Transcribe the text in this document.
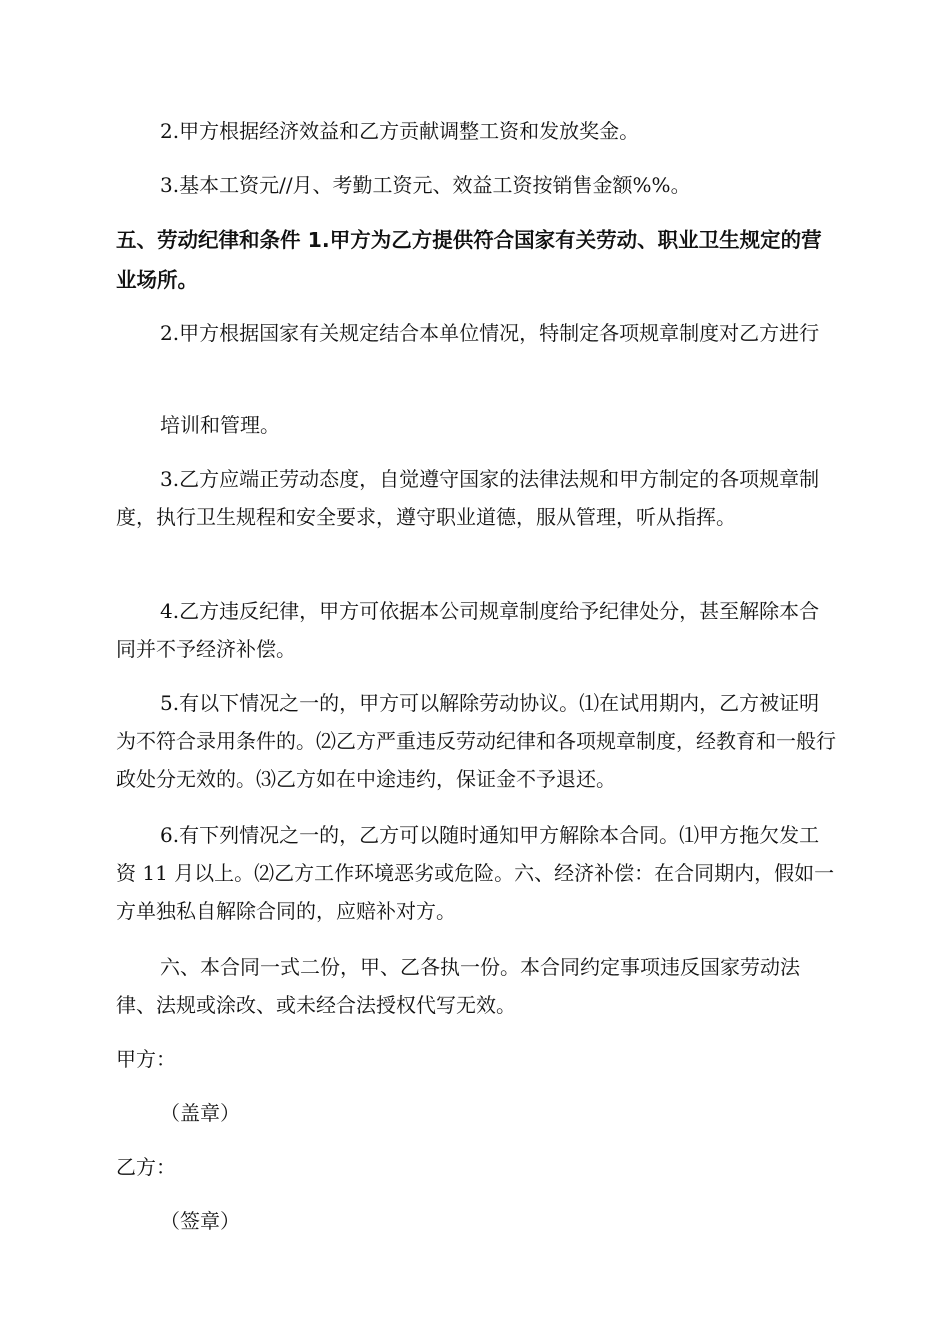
2.甲方根据经济效益和乙方贡献调整工资和发放奖金。

3.基本工资元//月、考勤工资元、效益工资按销售金额%%。

五、劳动纪律和条件 1.甲方为乙方提供符合国家有关劳动、职业卫生规定的营业场所。

2.甲方根据国家有关规定结合本单位情况，特制定各项规章制度对乙方进行

培训和管理。

3.乙方应端正劳动态度，自觉遵守国家的法律法规和甲方制定的各项规章制度，执行卫生规程和安全要求，遵守职业道德，服从管理，听从指挥。

4.乙方违反纪律，甲方可依据本公司规章制度给予纪律处分，甚至解除本合同并不予经济补偿。

5.有以下情况之一的，甲方可以解除劳动协议。⑴在试用期内，乙方被证明为不符合录用条件的。⑵乙方严重违反劳动纪律和各项规章制度，经教育和一般行政处分无效的。⑶乙方如在中途违约，保证金不予退还。

6.有下列情况之一的，乙方可以随时通知甲方解除本合同。⑴甲方拖欠发工资 11 月以上。⑵乙方工作环境恶劣或危险。六、经济补偿：在合同期内，假如一方单独私自解除合同的，应赔补对方。

六、本合同一式二份，甲、乙各执一份。本合同约定事项违反国家劳动法律、法规或涂改、或未经合法授权代写无效。

甲方：

（盖章）

乙方：

（签章）
